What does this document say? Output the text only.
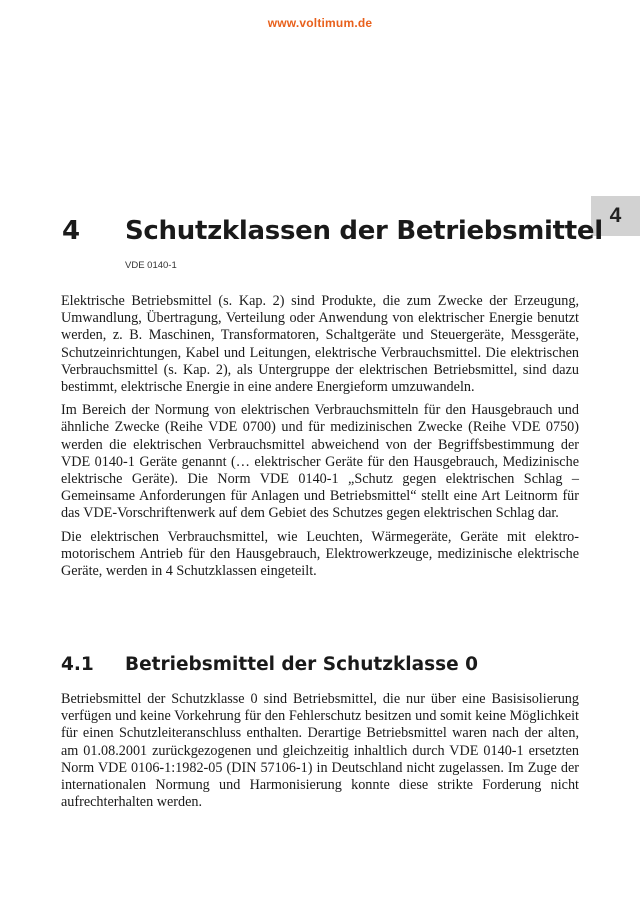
www.voltimum.de
4
4 Schutzklassen der Betriebsmittel
VDE 0140-1

Elektrische Betriebsmittel (s. Kap. 2) sind Produkte, die zum Zwecke der Erzeugung, Umwandlung, Übertragung, Verteilung oder Anwendung von elektrischer Energie benutzt werden, z. B. Maschinen, Transformatoren, Schaltgeräte und Steuergeräte, Messgeräte, Schutzeinrichtungen, Kabel und Leitungen, elektrische Verbrauchsmittel. Die elektrischen Verbrauchsmittel (s. Kap. 2), als Untergruppe der elektrischen Betriebsmittel, sind dazu bestimmt, elektrische Energie in eine andere Energieform umzuwandeln.

Im Bereich der Normung von elektrischen Verbrauchsmitteln für den Hausgebrauch und ähnliche Zwecke (Reihe VDE 0700) und für medizinischen Zwecke (Reihe VDE 0750) werden die elektrischen Verbrauchsmittel abweichend von der Begriffsbestimmung der VDE 0140-1 Geräte genannt (… elektrischer Geräte für den Hausgebrauch, Medizinische elektrische Geräte). Die Norm VDE 0140-1 „Schutz gegen elektrischen Schlag – Gemeinsame Anforderungen für Anlagen und Betriebsmittel“ stellt eine Art Leitnorm für das VDE-Vorschriftenwerk auf dem Gebiet des Schutzes gegen elektrischen Schlag dar.

Die elektrischen Verbrauchsmittel, wie Leuchten, Wärmegeräte, Geräte mit elektromotorischem Antrieb für den Hausgebrauch, Elektrowerkzeuge, medizinische elektrische Geräte, werden in 4 Schutzklassen eingeteilt.

4.1 Betriebsmittel der Schutzklasse 0

Betriebsmittel der Schutzklasse 0 sind Betriebsmittel, die nur über eine Basisisolierung verfügen und keine Vorkehrung für den Fehlerschutz besitzen und somit keine Möglichkeit für einen Schutzleiteranschluss enthalten. Derartige Betriebsmittel waren nach der alten, am 01.08.2001 zurückgezogenen und gleichzeitig inhaltlich durch VDE 0140-1 ersetzten Norm VDE 0106-1:1982-05 (DIN 57106-1) in Deutschland nicht zugelassen. Im Zuge der internationalen Normung und Harmonisierung konnte diese strikte Forderung nicht aufrechterhalten werden.
